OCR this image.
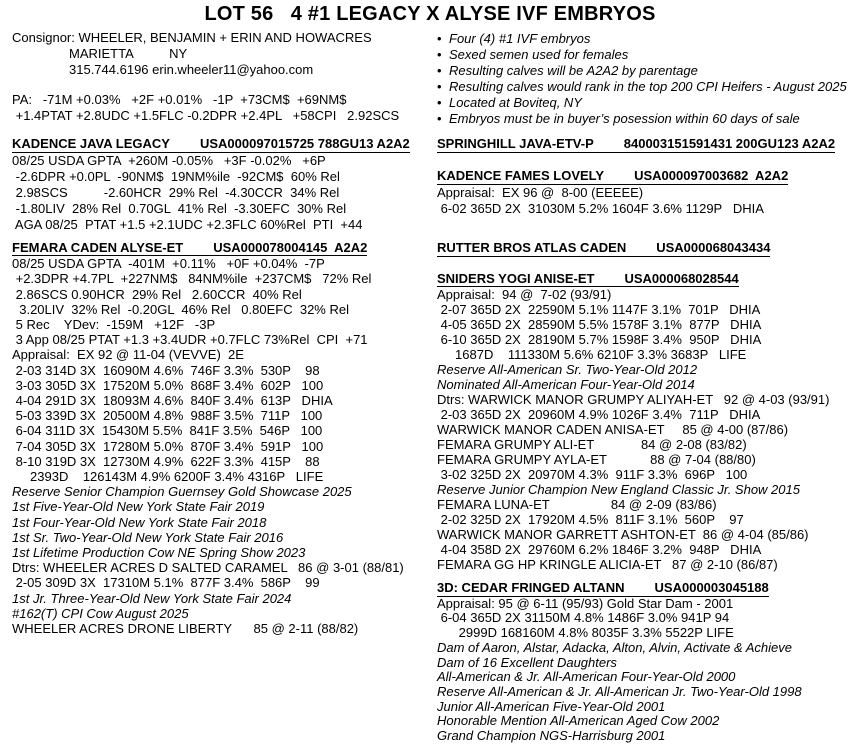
LOT 56   4 #1 LEGACY X ALYSE IVF EMBRYOS
Consignor: WHEELER, BENJAMIN + ERIN AND HOWACRES
MARIETTA          NY
315.744.6196 erin.wheeler11@yahoo.com
PA:   -71M +0.03%   +2F +0.01%   -1P  +73CM$  +69NM$
+1.4PTAT +2.8UDC +1.5FLC -0.2DPR +2.4PL   +58CPI   2.92SCS
KADENCE JAVA LEGACY USA000097015725 788GU13 A2A2
08/25 USDA GPTA  +260M -0.05%   +3F -0.02%   +6P
-2.6DPR +0.0PL  -90NM$  19NM%ile  -92CM$  60% Rel
2.98SCS          -2.60HCR  29% Rel  -4.30CCR  34% Rel
-1.80LIV  28% Rel  0.70GL  41% Rel  -3.30EFC  30% Rel
AGA 08/25  PTAT +1.5 +2.1UDC +2.3FLC 60%Rel  PTI  +44
FEMARA CADEN ALYSE-ET USA000078004145  A2A2
08/25 USDA GPTA  -401M  +0.11%   +0F +0.04%  -7P
+2.3DPR +4.7PL  +227NM$   84NM%ile  +237CM$   72% Rel
2.86SCS 0.90HCR  29% Rel   2.60CCR  40% Rel
3.20LIV  32% Rel  -0.20GL  46% Rel   0.80EFC  32% Rel
5 Rec    YDev:  -159M   +12F   -3P
3 App 08/25 PTAT +1.3 +3.4UDR +0.7FLC 73%Rel  CPI  +71
Appraisal:  EX 92 @ 11-04 (VEVVE)  2E
2-03 314D 3X  16090M 4.6%  746F 3.3%  530P    98
3-03 305D 3X  17520M 5.0%  868F 3.4%  602P   100
4-04 291D 3X  18093M 4.6%  840F 3.4%  613P   DHIA
5-03 339D 3X  20500M 4.8%  988F 3.5%  711P   100
6-04 311D 3X  15430M 5.5%  841F 3.5%  546P   100
7-04 305D 3X  17280M 5.0%  870F 3.4%  591P   100
8-10 319D 3X  12730M 4.9%  622F 3.3%  415P    88
2393D    126143M 4.9% 6200F 3.4% 4316P   LIFE
Reserve Senior Champion Guernsey Gold Showcase 2025
1st Five-Year-Old New York State Fair 2019
1st Four-Year-Old New York State Fair 2018
1st Sr. Two-Year-Old New York State Fair 2016
1st Lifetime Production Cow NE Spring Show 2023
Dtrs: WHEELER ACRES D SALTED CARAMEL   86 @ 3-01 (88/81)
2-05 309D 3X  17310M 5.1%  877F 3.4%  586P    99
1st Jr. Three-Year-Old New York State Fair 2024
#162(T) CPI Cow August 2025
WHEELER ACRES DRONE LIBERTY      85 @ 2-11 (88/82)
• Four (4) #1 IVF embryos
• Sexed semen used for females
• Resulting calves will be A2A2 by parentage
• Resulting calves would rank in the top 200 CPI Heifers - August 2025
• Located at Boviteq, NY
• Embryos must be in buyer’s posession within 60 days of sale
SPRINGHILL JAVA-ETV-P 840003151591431 200GU123 A2A2
KADENCE FAMES LOVELY USA000097003682  A2A2
Appraisal:  EX 96 @  8-00 (EEEEE)
6-02 365D 2X  31030M 5.2% 1604F 3.6% 1129P   DHIA
RUTTER BROS ATLAS CADEN USA000068043434
SNIDERS YOGI ANISE-ET USA000068028544
Appraisal:  94 @  7-02 (93/91)
2-07 365D 2X  22590M 5.1% 1147F 3.1%  701P   DHIA
4-05 365D 2X  28590M 5.5% 1578F 3.1%  877P   DHIA
6-10 365D 2X  28190M 5.7% 1598F 3.4%  950P   DHIA
1687D    111330M 5.6% 6210F 3.3% 3683P   LIFE
Reserve All-American Sr. Two-Year-Old 2012
Nominated All-American Four-Year-Old 2014
Dtrs: WARWICK MANOR GRUMPY ALIYAH-ET   92 @ 4-03 (93/91)
2-03 365D 2X  20960M 4.9% 1026F 3.4%  711P   DHIA
WARWICK MANOR CADEN ANISA-ET     85 @ 4-00 (87/86)
FEMARA GRUMPY ALI-ET             84 @ 2-08 (83/82)
FEMARA GRUMPY AYLA-ET            88 @ 7-04 (88/80)
3-02 325D 2X  20970M 4.3%  911F 3.3%  696P   100
Reserve Junior Champion New England Classic Jr. Show 2015
FEMARA LUNA-ET                 84 @ 2-09 (83/86)
2-02 325D 2X  17920M 4.5%  811F 3.1%  560P    97
WARWICK MANOR GARRETT ASHTON-ET  86 @ 4-04 (85/86)
4-04 358D 2X  29760M 6.2% 1846F 3.2%  948P   DHIA
FEMARA GG HP KRINGLE ALICIA-ET   87 @ 2-10 (86/87)
3D: CEDAR FRINGED ALTANN USA000003045188
Appraisal: 95 @ 6-11 (95/93) Gold Star Dam - 2001
6-04 365D 2X 31150M 4.8% 1486F 3.0% 941P 94
2999D 168160M 4.8% 8035F 3.3% 5522P LIFE
Dam of Aaron, Alstar, Adacka, Alton, Alvin, Activate & Achieve
Dam of 16 Excellent Daughters
All-American & Jr. All-American Four-Year-Old 2000
Reserve All-American & Jr. All-American Jr. Two-Year-Old 1998
Junior All-American Five-Year-Old 2001
Honorable Mention All-American Aged Cow 2002
Grand Champion NGS-Harrisburg 2001
